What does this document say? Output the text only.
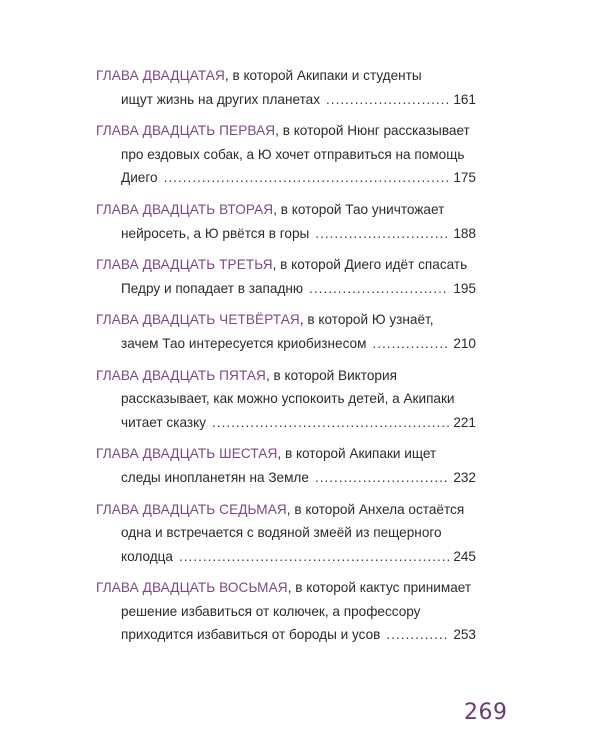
ГЛАВА ДВАДЦАТАЯ , в которой Акипаки и студенты
ищут жизнь на других планетах .....	161
ГЛАВА ДВАДЦАТЬ ПЕРВАЯ , в которой Нюнг рассказывает
про ездовых собак, а Ю хочет отправиться на помощь
Диего .....	175
ГЛАВА ДВАДЦАТЬ ВТОРАЯ , в которой Тао уничтожает
нейросеть, а Ю рвётся в горы .....	188
ГЛАВА ДВАДЦАТЬ ТРЕТЬЯ , в которой Диего идёт спасать
Педру и попадает в западню .....	195
ГЛАВА ДВАДЦАТЬ ЧЕТВЁРТАЯ , в которой Ю узнаёт,
зачем Тао интересуется криобизнесом .....	210
ГЛАВА ДВАДЦАТЬ ПЯТАЯ , в которой Виктория
рассказывает, как можно успокоить детей, а Акипаки
читает сказку .....	221
ГЛАВА ДВАДЦАТЬ ШЕСТАЯ , в которой Акипаки ищет
следы инопланетян на Земле .....	232
ГЛАВА ДВАДЦАТЬ СЕДЬМАЯ , в которой Анхела остаётся
одна и встречается с водяной змеёй из пещерного
колодца .....	245
ГЛАВА ДВАДЦАТЬ ВОСЬМАЯ , в которой кактус принимает
решение избавиться от колючек, а профессору
приходится избавиться от бороды и усов .....	253
269
